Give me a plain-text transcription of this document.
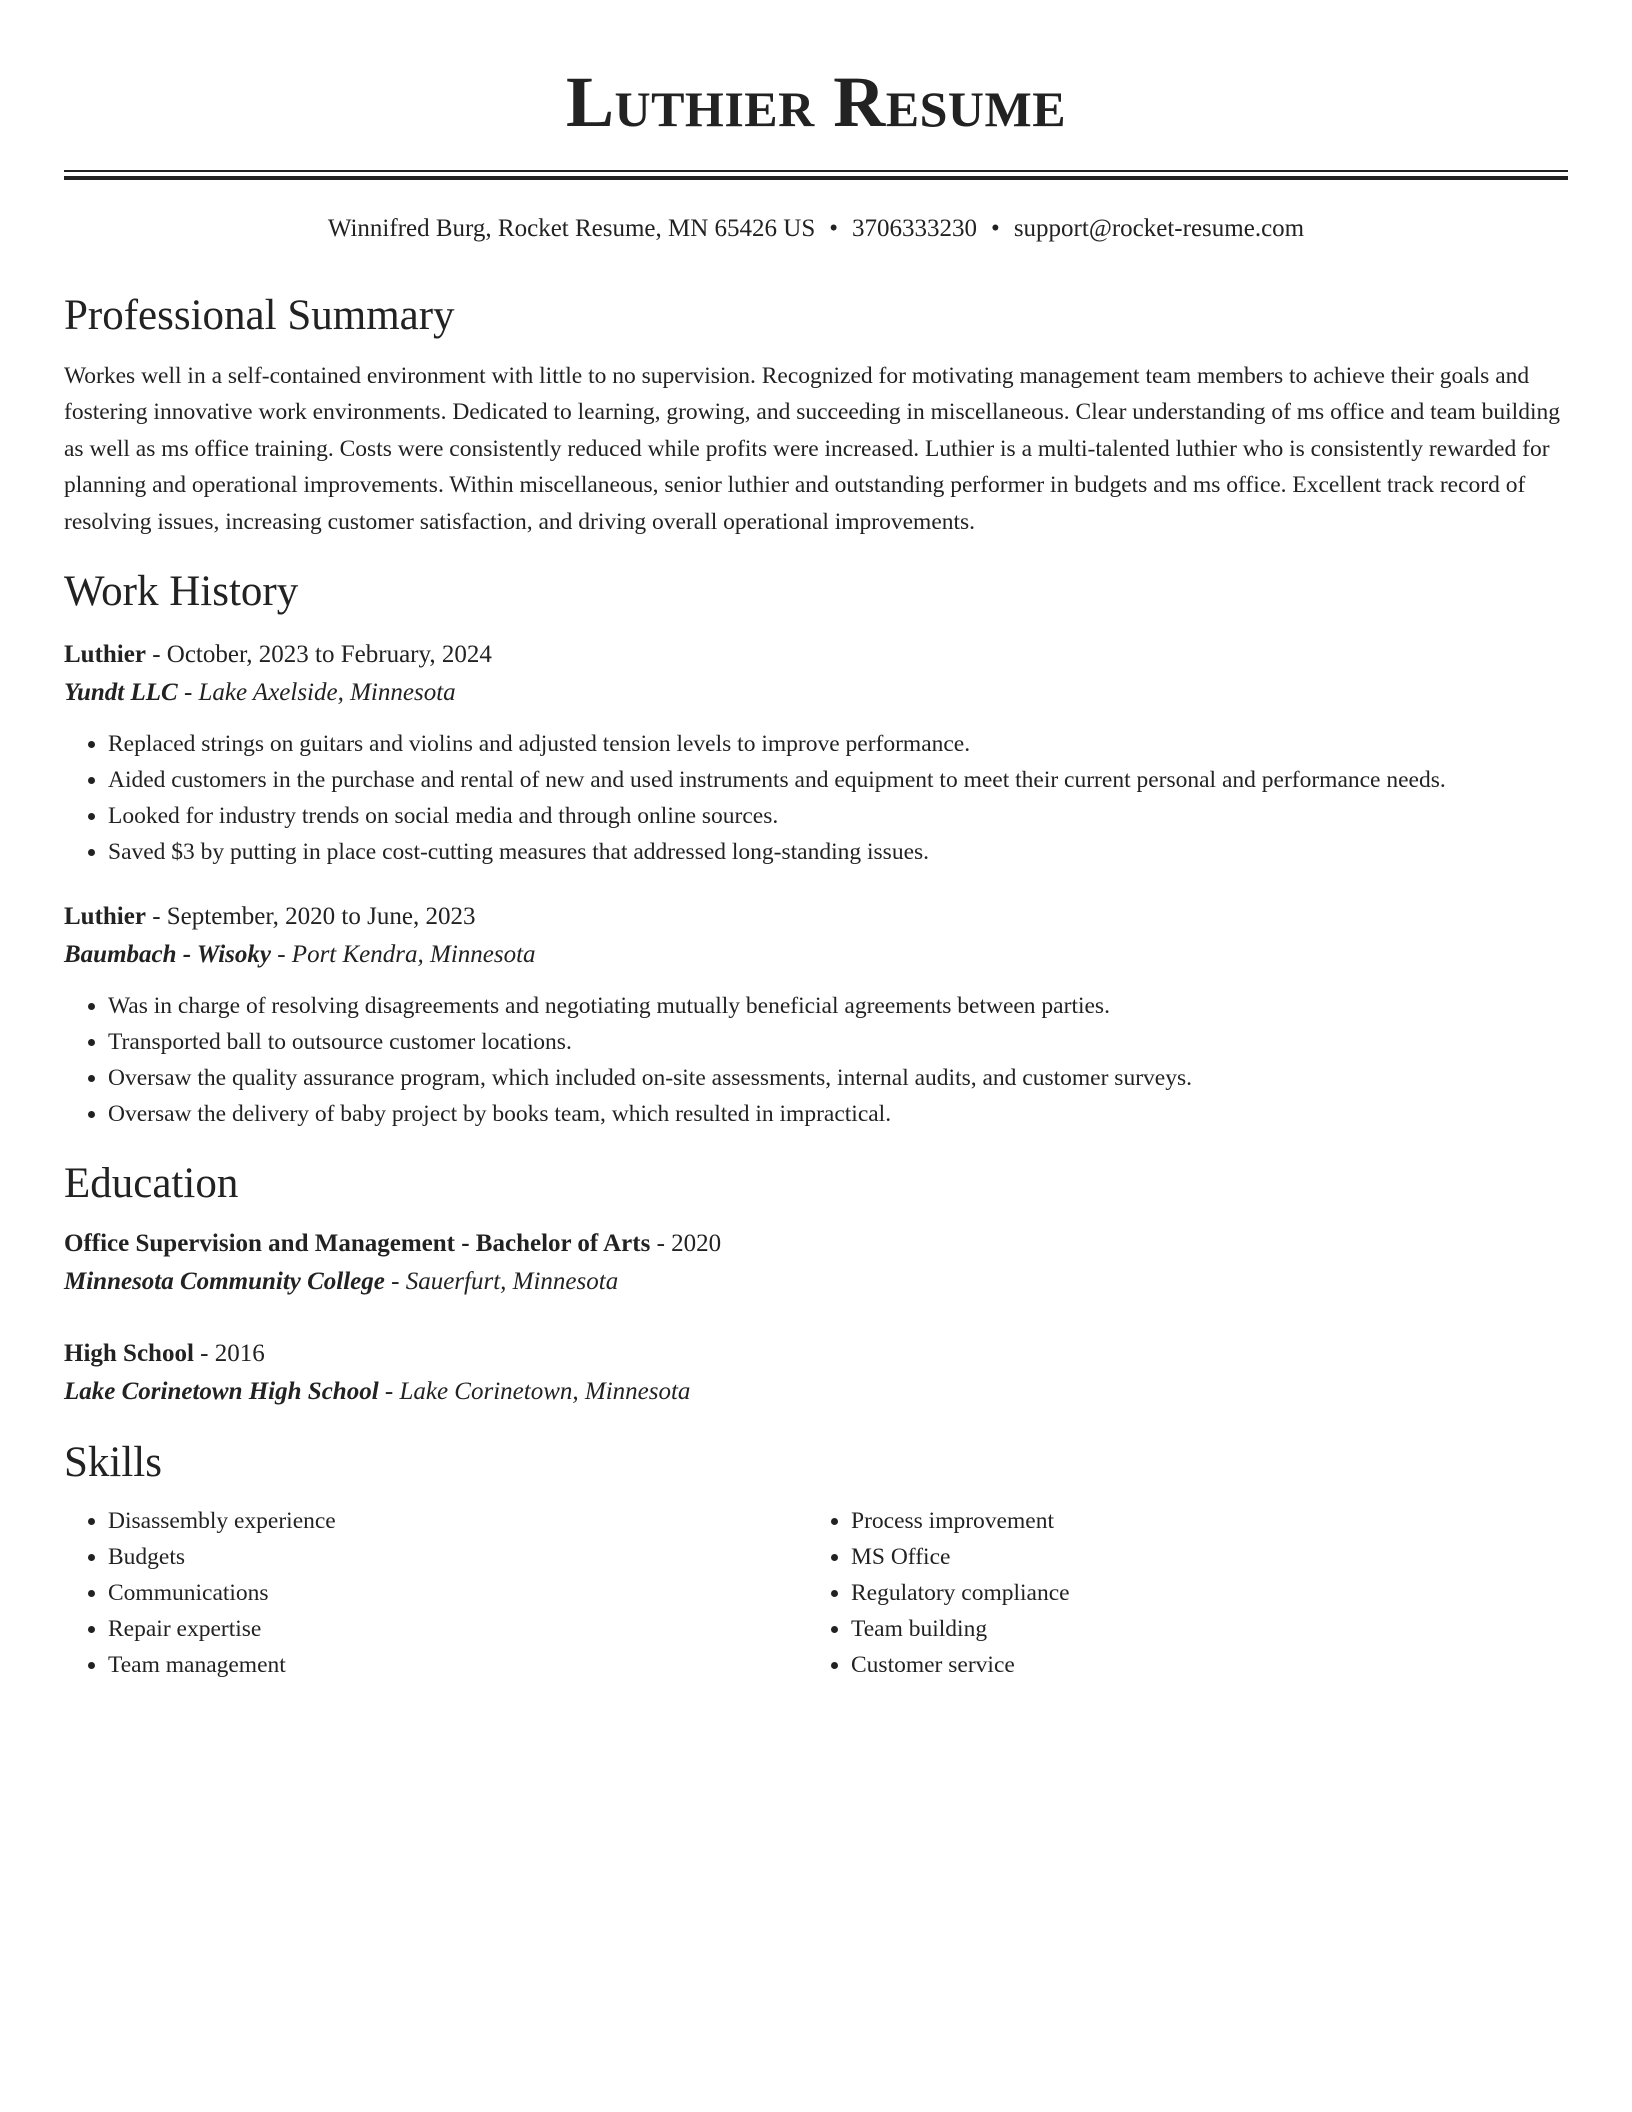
Luthier Resume
Winnifred Burg, Rocket Resume, MN 65426 US • 3706333230 • support@rocket-resume.com
Professional Summary

Workes well in a self-contained environment with little to no supervision. Recognized for motivating management team members to achieve their goals and fostering innovative work environments. Dedicated to learning, growing, and succeeding in miscellaneous. Clear understanding of ms office and team building as well as ms office training. Costs were consistently reduced while profits were increased. Luthier is a multi-talented luthier who is consistently rewarded for planning and operational improvements. Within miscellaneous, senior luthier and outstanding performer in budgets and ms office. Excellent track record of resolving issues, increasing customer satisfaction, and driving overall operational improvements.

Work History
Luthier - October, 2023 to February, 2024
Yundt LLC - Lake Axelside, Minnesota
• Replaced strings on guitars and violins and adjusted tension levels to improve performance.
• Aided customers in the purchase and rental of new and used instruments and equipment to meet their current personal and performance needs.
• Looked for industry trends on social media and through online sources.
• Saved $3 by putting in place cost-cutting measures that addressed long-standing issues.
Luthier - September, 2020 to June, 2023
Baumbach - Wisoky - Port Kendra, Minnesota
• Was in charge of resolving disagreements and negotiating mutually beneficial agreements between parties.
• Transported ball to outsource customer locations.
• Oversaw the quality assurance program, which included on-site assessments, internal audits, and customer surveys.
• Oversaw the delivery of baby project by books team, which resulted in impractical.
Education
Office Supervision and Management - Bachelor of Arts - 2020
Minnesota Community College - Sauerfurt, Minnesota
High School - 2016
Lake Corinetown High School - Lake Corinetown, Minnesota
Skills
• Disassembly experience
• Budgets
• Communications
• Repair expertise
• Team management
• Process improvement
• MS Office
• Regulatory compliance
• Team building
• Customer service
